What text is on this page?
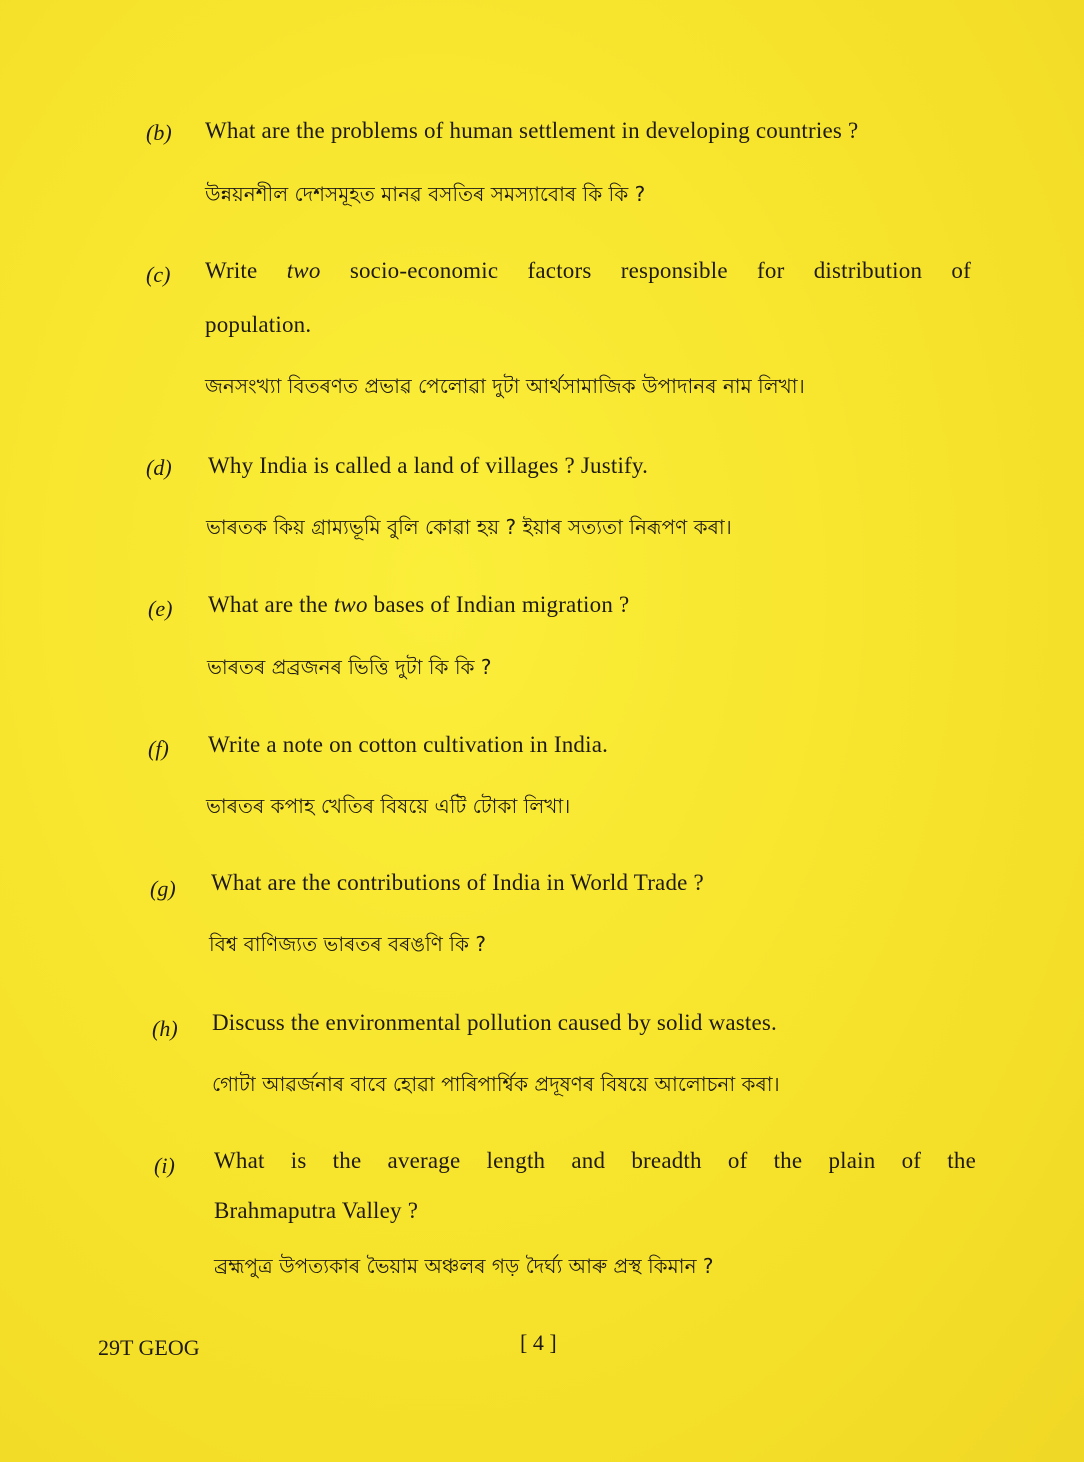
(b) What are the problems of human settlement in developing countries ?
উন্নয়নশীল দেশসমূহত মানৱ বসতিৰ সমস্যাবোৰ কি কি ?
(c) Write two socio-economic factors responsible for distribution of
population.
জনসংখ্যা বিতৰণত প্ৰভাৱ পেলোৱা দুটা আৰ্থসামাজিক উপাদানৰ নাম লিখা।
(d) Why India is called a land of villages ? Justify.
ভাৰতক কিয় গ্ৰাম্যভূমি বুলি কোৱা হয় ? ইয়াৰ সত্যতা নিৰূপণ কৰা।
(e) What are the two bases of Indian migration ?
ভাৰতৰ প্ৰব্ৰজনৰ ভিত্তি দুটা কি কি ?
(f) Write a note on cotton cultivation in India.
ভাৰতৰ কপাহ খেতিৰ বিষয়ে এটি টোকা লিখা।
(g) What are the contributions of India in World Trade ?
বিশ্ব বাণিজ্যত ভাৰতৰ বৰঙণি কি ?
(h) Discuss the environmental pollution caused by solid wastes.
গোটা আৱৰ্জনাৰ বাবে হোৱা পাৰিপাৰ্শ্বিক প্ৰদূষণৰ বিষয়ে আলোচনা কৰা।
(i) What is the average length and breadth of the plain of the
Brahmaputra Valley ?
ব্ৰহ্মপুত্ৰ উপত্যকাৰ ভৈয়াম অঞ্চলৰ গড় দৈৰ্ঘ্য আৰু প্ৰস্থ কিমান ?
29T GEOG	[ 4 ]
